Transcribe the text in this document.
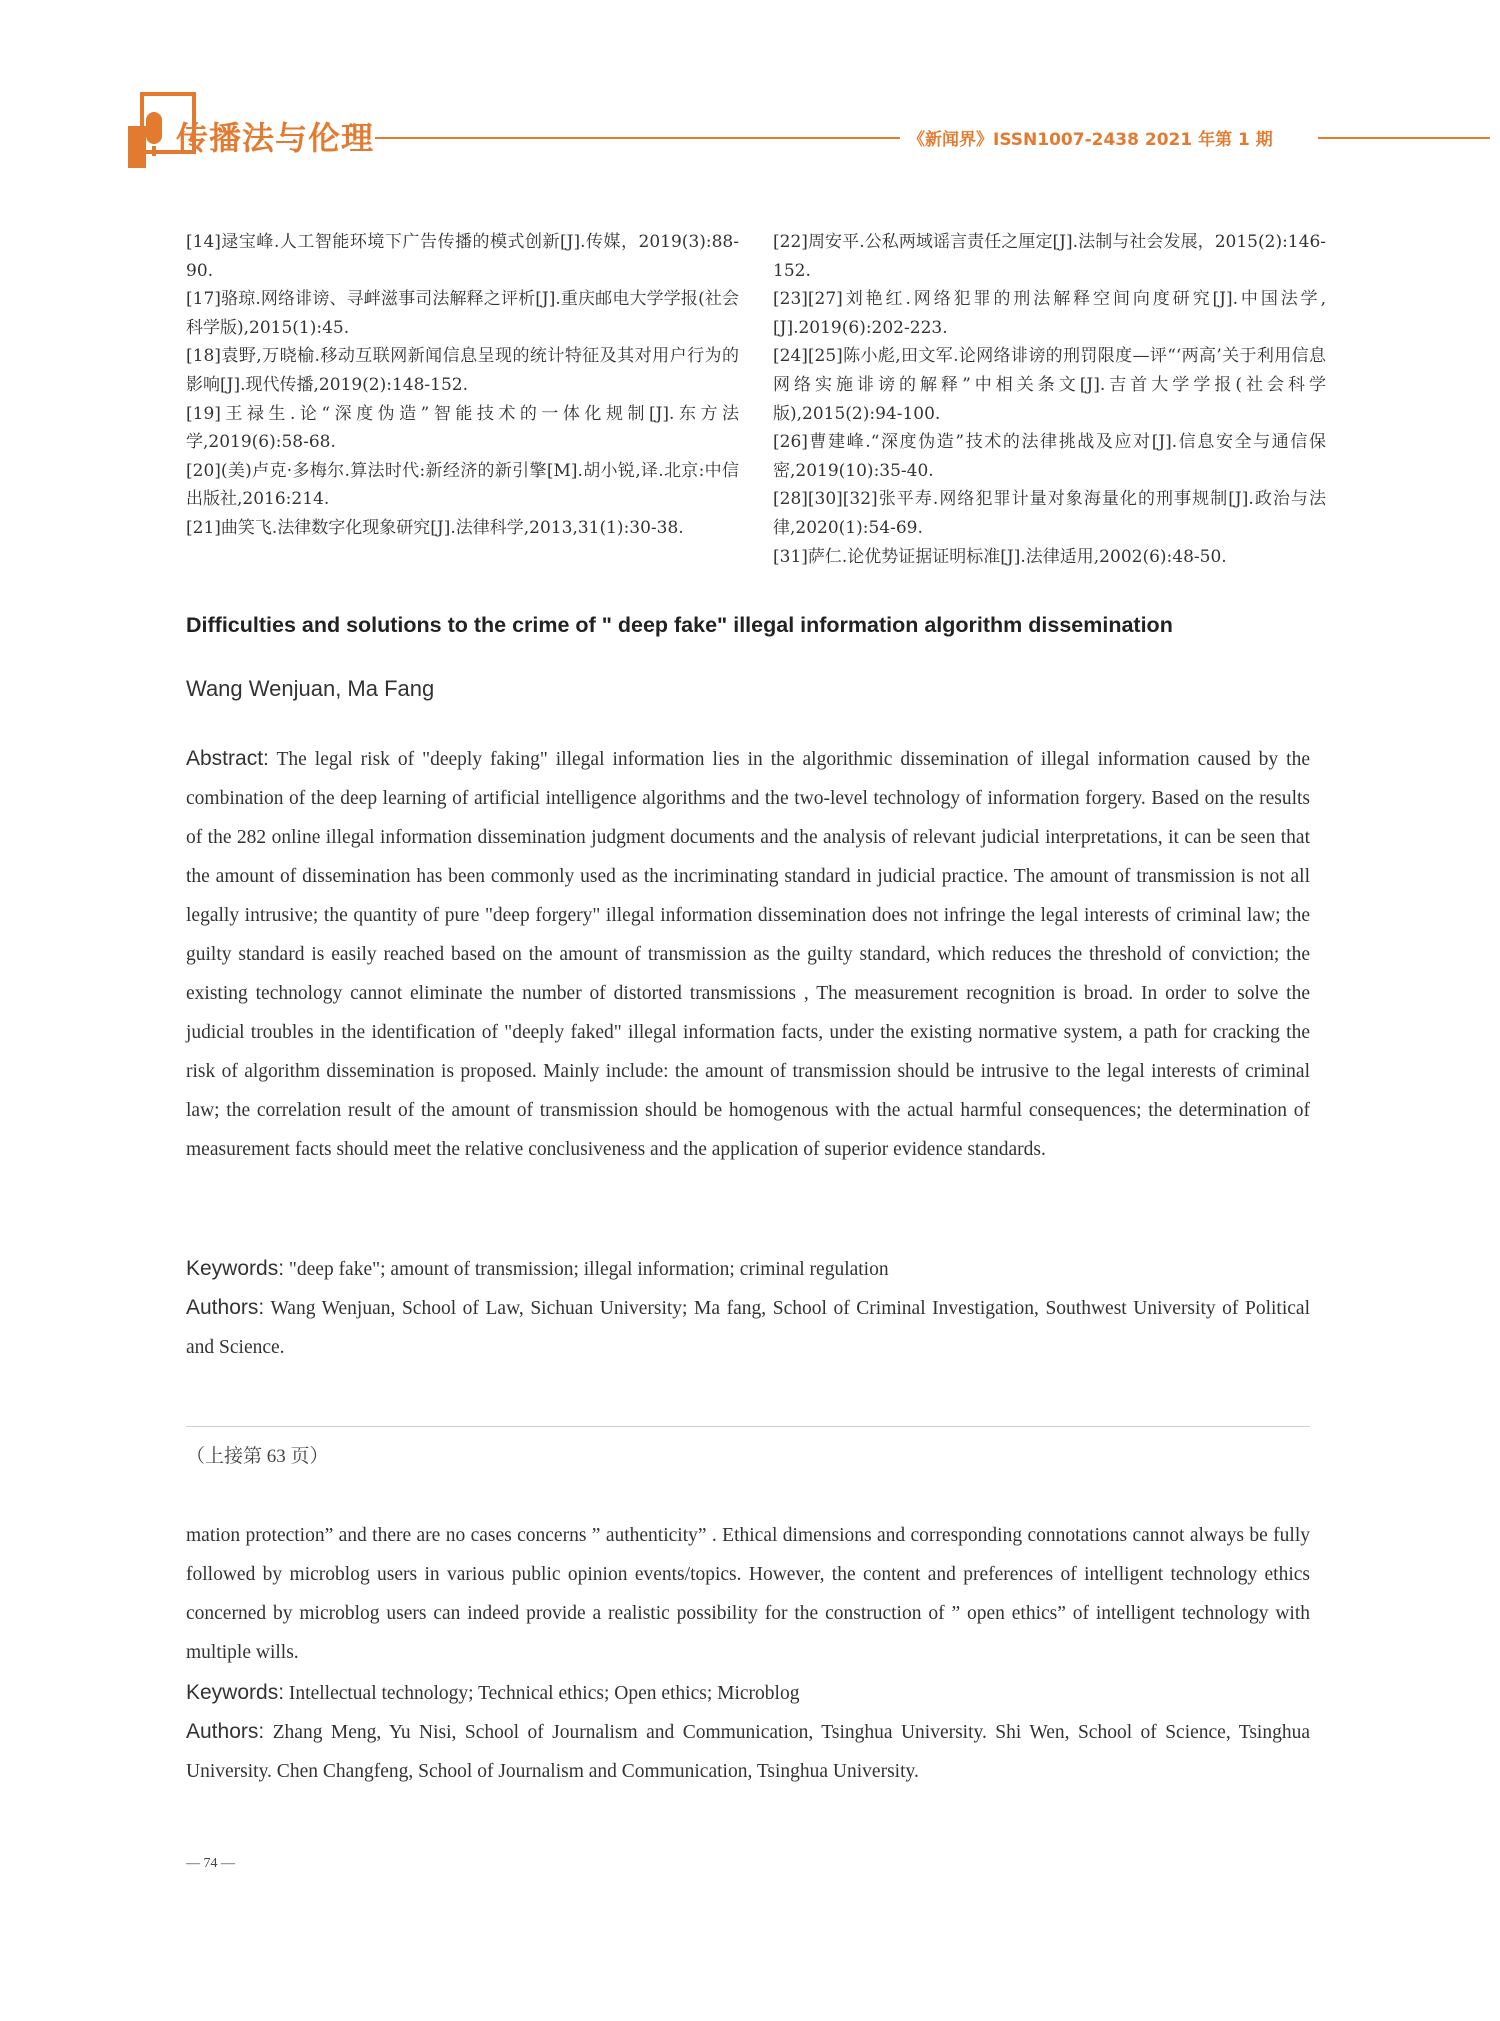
传播法与伦理	《新闻界》ISSN1007-2438 2021 年第 1 期
[14]逯宝峰.人工智能环境下广告传播的模式创新[J].传媒，2019(3):88-90.
[17]骆琼.网络诽谤、寻衅滋事司法解释之评析[J].重庆邮电大学学报(社会科学版),2015(1):45.
[18]袁野,万晓榆.移动互联网新闻信息呈现的统计特征及其对用户行为的影响[J].现代传播,2019(2):148-152.
[19]王禄生.论“深度伪造”智能技术的一体化规制[J].东方法学,2019(6):58-68.
[20](美)卢克·多梅尔.算法时代:新经济的新引擎[M].胡小锐,译.北京:中信出版社,2016:214.
[21]曲笑飞.法律数字化现象研究[J].法律科学,2013,31(1):30-38.
[22]周安平.公私两域谣言责任之厘定[J].法制与社会发展，2015(2):146-152.
[23][27]刘艳红.网络犯罪的刑法解释空间向度研究[J].中国法学,[J].2019(6):202-223.
[24][25]陈小彪,田文军.论网络诽谤的刑罚限度—评“‘两高’关于利用信息网络实施诽谤的解释”中相关条文[J].吉首大学学报(社会科学版),2015(2):94-100.
[26]曹建峰.“深度伪造”技术的法律挑战及应对[J].信息安全与通信保密,2019(10):35-40.
[28][30][32]张平寿.网络犯罪计量对象海量化的刑事规制[J].政治与法律,2020(1):54-69.
[31]萨仁.论优势证据证明标准[J].法律适用,2002(6):48-50.
Difficulties and solutions to the crime of " deep fake" illegal information algorithm dissemination
Wang Wenjuan, Ma Fang
Abstract: The legal risk of "deeply faking" illegal information lies in the algorithmic dissemination of illegal information caused by the combination of the deep learning of artificial intelligence algorithms and the two-level technology of information forgery. Based on the results of the 282 online illegal information dissemination judgment documents and the analysis of relevant judicial interpretations, it can be seen that the amount of dissemination has been commonly used as the incriminating standard in judicial practice. The amount of transmission is not all legally intrusive; the quantity of pure "deep forgery" illegal information dissemination does not infringe the legal interests of criminal law; the guilty standard is easily reached based on the amount of transmission as the guilty standard, which reduces the threshold of conviction; the existing technology cannot eliminate the number of distorted transmissions , The measurement recognition is broad. In order to solve the judicial troubles in the identification of "deeply faked" illegal information facts, under the existing normative system, a path for cracking the risk of algorithm dissemination is proposed. Mainly include: the amount of transmission should be intrusive to the legal interests of criminal law; the correlation result of the amount of transmission should be homogenous with the actual harmful consequences; the determination of measurement facts should meet the relative conclusiveness and the application of superior evidence standards.
Keywords: "deep fake"; amount of transmission; illegal information; criminal regulation
Authors: Wang Wenjuan, School of Law, Sichuan University; Ma fang, School of Criminal Investigation, Southwest University of Political and Science.
（上接第 63 页）
mation protection” and there are no cases concerns ” authenticity” . Ethical dimensions and corresponding connotations cannot always be fully followed by microblog users in various public opinion events/topics. However, the content and preferences of intelligent technology ethics concerned by microblog users can indeed provide a realistic possibility for the construction of ” open ethics” of intelligent technology with multiple wills.
Keywords: Intellectual technology; Technical ethics; Open ethics; Microblog
Authors: Zhang Meng, Yu Nisi, School of Journalism and Communication, Tsinghua University. Shi Wen, School of Science, Tsinghua University. Chen Changfeng, School of Journalism and Communication, Tsinghua University.
— 74 —
